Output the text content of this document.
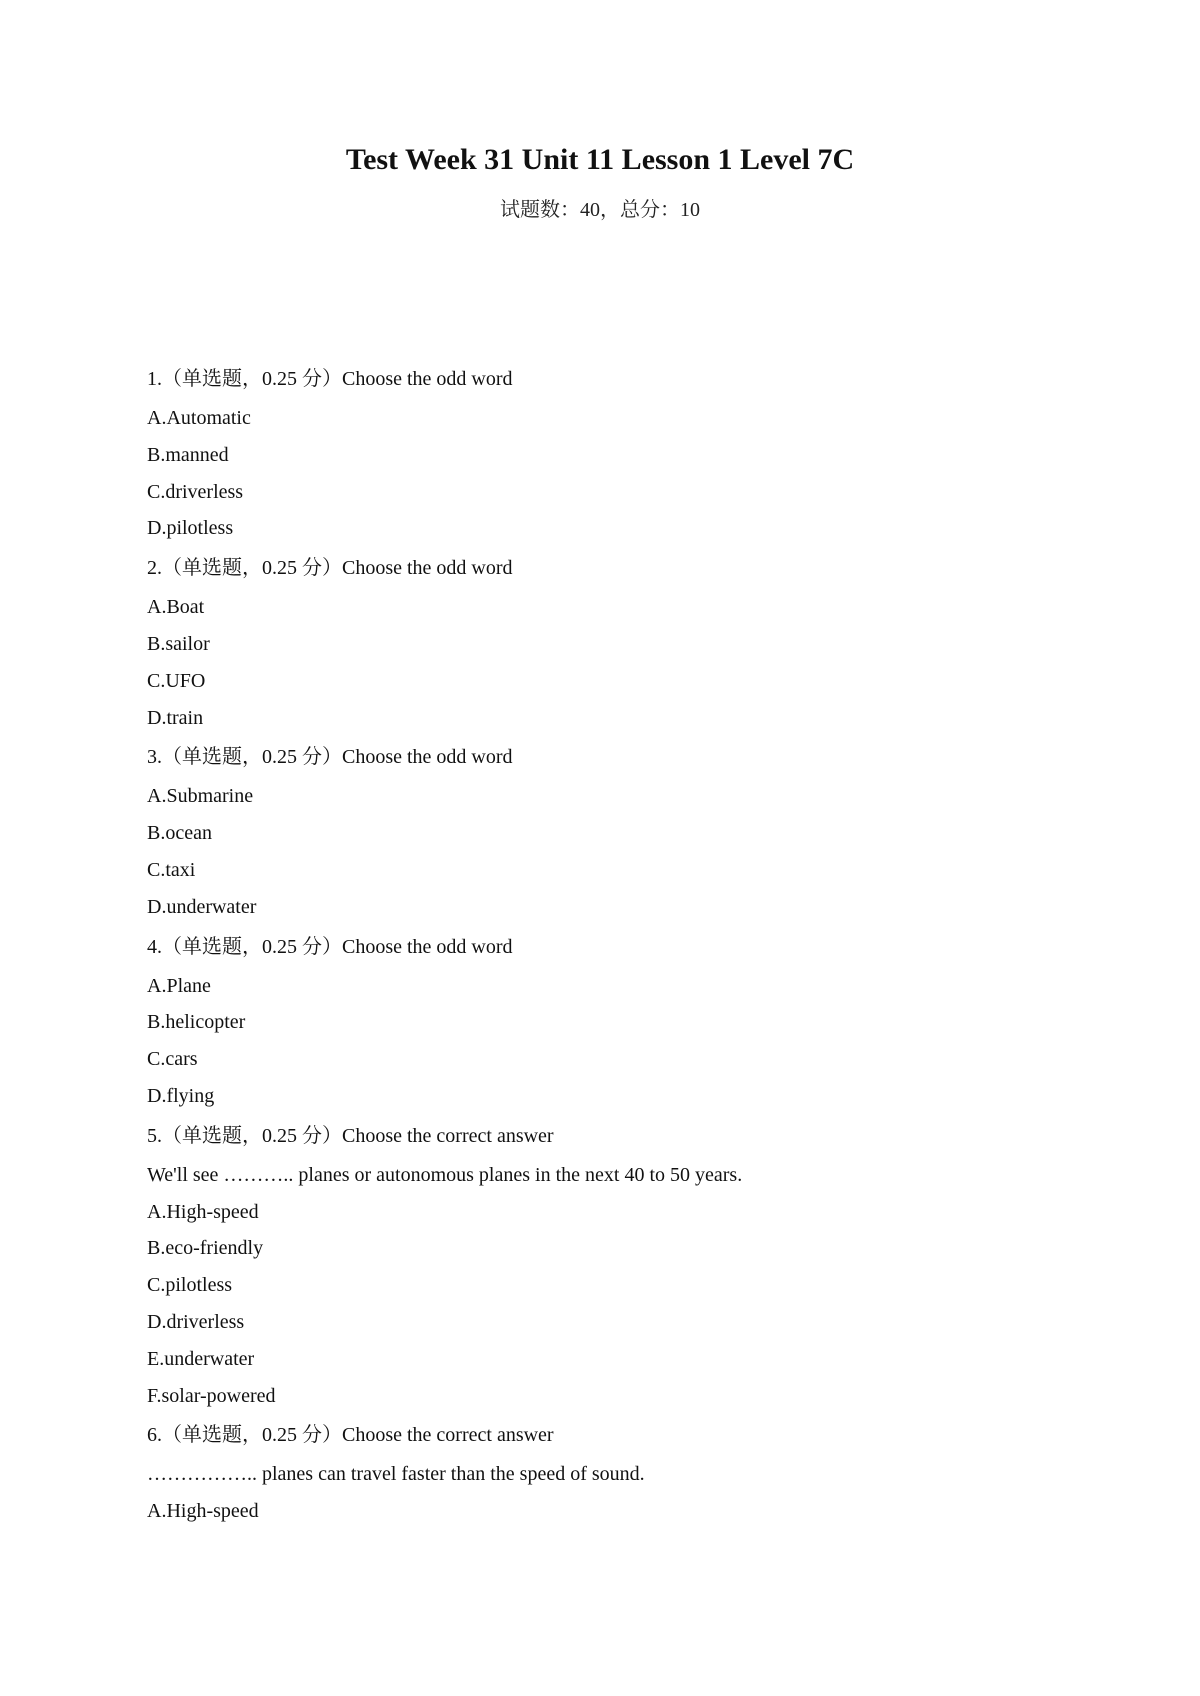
Test Week 31 Unit 11 Lesson 1 Level 7C
试题数：40，总分：10
1.（单选题，0.25 分）Choose the odd word
A.Automatic
B.manned
C.driverless
D.pilotless
2.（单选题，0.25 分）Choose the odd word
A.Boat
B.sailor
C.UFO
D.train
3.（单选题，0.25 分）Choose the odd word
A.Submarine
B.ocean
C.taxi
D.underwater
4.（单选题，0.25 分）Choose the odd word
A.Plane
B.helicopter
C.cars
D.flying
5.（单选题，0.25 分）Choose the correct answer
We'll see ……….. planes or autonomous planes in the next 40 to 50 years.
A.High-speed
B.eco-friendly
C.pilotless
D.driverless
E.underwater
F.solar-powered
6.（单选题，0.25 分）Choose the correct answer
…………….. planes can travel faster than the speed of sound.
A.High-speed
